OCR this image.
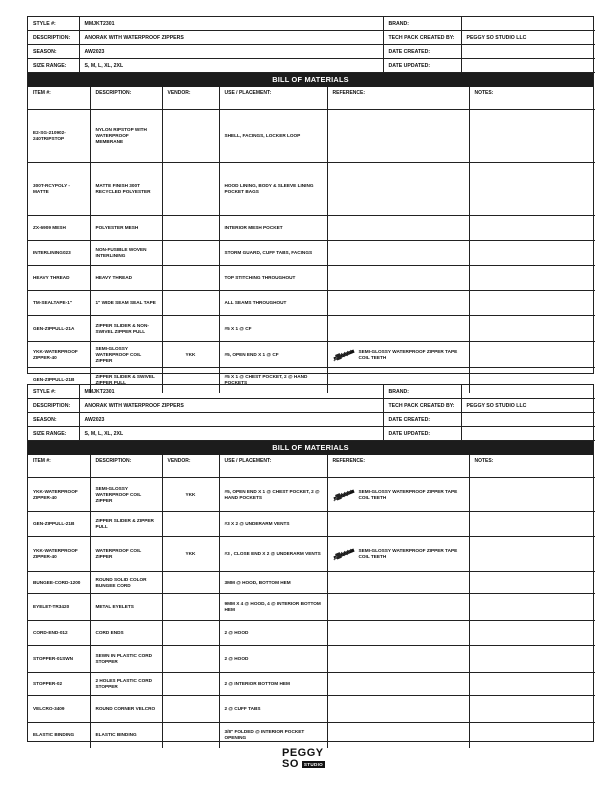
STYLE #:	MMJKT2301	BRAND:	
DESCRIPTION:	ANORAK WITH WATERPROOF ZIPPERS	TECH PACK CREATED BY:	PEGGY SO STUDIO LLC
SEASON:	AW2023	DATE CREATED:	
SIZE RANGE:	S, M, L, XL, 2XL	DATE UPDATED:	
BILL OF MATERIALS
ITEM #:	DESCRIPTION:	VENDOR:	USE / PLACEMENT:	REFERENCE:	NOTES:
E2-SG-210902-240TRIPSTOP	NYLON RIPSTOP WITH WATERPROOF MEMBRANE		SHELL, FACINGS, LOCKER LOOP		
300T-RCYPOLY -MATTE	MATTE FINISH 300T RECYCLED POLYESTER		HOOD LINING, BODY & SLEEVE LINING POCKET BAGS		
ZX-6909 MESH	POLYESTER MESH		INTERIOR MESH POCKET		
INTERLINING023	NON-FUSIBLE WOVEN INTERLINING		STORM GUARD, CUFF TABS, FACINGS		
HEAVY THREAD	HEAVY THREAD		TOP STITCHING THROUGHOUT		
TM-SEALTAPE-1"	1" WIDE SEAM SEAL TAPE		ALL SEAMS THROUGHOUT		
GEN-ZIPPULL-21A	ZIPPER SLIDER & NON-SWIVEL ZIPPER PULL		#5 X 1 @ CF		
YKK-WATERPROOF ZIPPER-40	SEMI-GLOSSY WATERPROOF COIL ZIPPER	YKK	#5, OPEN END X 1 @ CF	SEMI-GLOSSY WATERPROOF ZIPPER TAPE COIL TEETH	

GEN-ZIPPULL-21B	ZIPPER SLIDER & SWIVEL ZIPPER PULL		#5 X 1 @ CHEST POCKET, 2 @ HAND POCKETS		
STYLE #:	MMJKT2301	BRAND:	
DESCRIPTION:	ANORAK WITH WATERPROOF ZIPPERS	TECH PACK CREATED BY:	PEGGY SO STUDIO LLC
SEASON:	AW2023	DATE CREATED:	
SIZE RANGE:	S, M, L, XL, 2XL	DATE UPDATED:	
BILL OF MATERIALS
ITEM #:	DESCRIPTION:	VENDOR:	USE / PLACEMENT:	REFERENCE:	NOTES:
YKK-WATERPROOF ZIPPER-40	SEMI-GLOSSY WATERPROOF COIL ZIPPER	YKK	#5, OPEN END X 1 @ CHEST POCKET, 2 @ HAND POCKETS	SEMI-GLOSSY WATERPROOF ZIPPER TAPE COIL TEETH	

GEN-ZIPPULL-21B	ZIPPER SLIDER & ZIPPER PULL		#3 X 2 @ UNDERARM VENTS		
YKK-WATERPROOF ZIPPER-40	WATERPROOF COIL ZIPPER	YKK	#3 , CLOSE END X 2 @ UNDERARM VENTS	SEMI-GLOSSY WATERPROOF ZIPPER TAPE COIL TEETH	

BUNGEE-CORD-1200	ROUND SOLID COLOR BUNGEE CORD		3MM @ HOOD, BOTTOM HEM		
EYELET-TR3420	METAL EYELETS		9MM X 4 @ HOOD, 4 @ INTERIOR BOTTOM HEM		
CORD-END-012	CORD ENDS		2 @ HOOD		
STOPPER-01SWN	SEWN IN PLASTIC CORD STOPPER		2 @ HOOD		
STOPPER-02	2 HOLES PLASTIC CORD STOPPER		2 @ INTERIOR BOTTOM HEM		
VELCRO-3409	ROUND CORNER VELCRO		2 @ CUFF TABS		
ELASTIC BINDING	ELASTIC BINDING		3/8" FOLDED @ INTERIOR POCKET OPENING		
PEGGY
SO	STUDIO
